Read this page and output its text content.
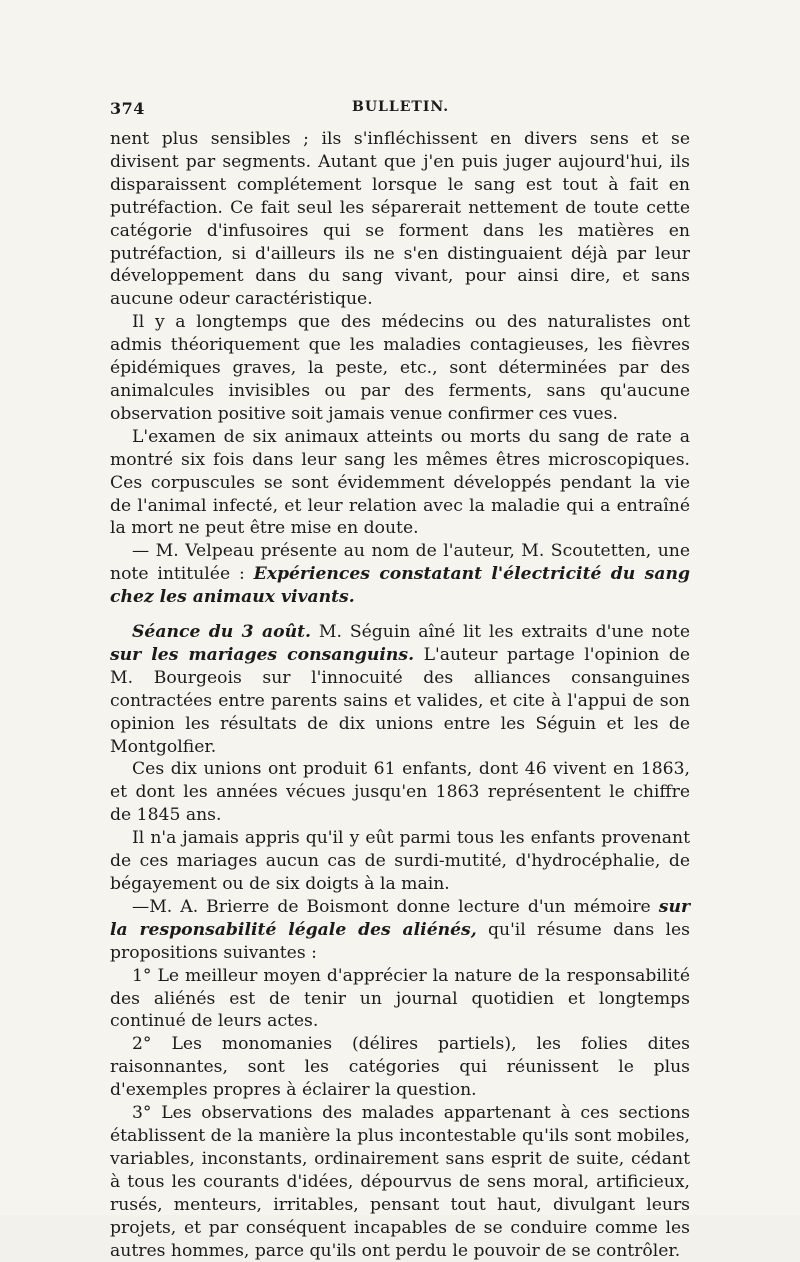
374	BULLETIN.

nent plus sensibles ; ils s'infléchissent en divers sens et se divisent par segments. Autant que j'en puis juger aujourd'hui, ils disparaissent complétement lorsque le sang est tout à fait en putréfaction. Ce fait seul les séparerait nettement de toute cette catégorie d'infusoires qui se forment dans les matières en putréfaction, si d'ailleurs ils ne s'en distinguaient déjà par leur développement dans du sang vivant, pour ainsi dire, et sans aucune odeur caractéristique.

Il y a longtemps que des médecins ou des naturalistes ont admis théoriquement que les maladies contagieuses, les fièvres épidémiques graves, la peste, etc., sont déterminées par des animalcules invisibles ou par des ferments, sans qu'aucune observation positive soit jamais venue confirmer ces vues.

L'examen de six animaux atteints ou morts du sang de rate a montré six fois dans leur sang les mêmes êtres microscopiques. Ces corpuscules se sont évidemment développés pendant la vie de l'animal infecté, et leur relation avec la maladie qui a entraîné la mort ne peut être mise en doute.

— M. Velpeau présente au nom de l'auteur, M. Scoutetten, une note intitulée : Expériences constatant l'électricité du sang chez les animaux vivants.

Séance du 3 août. M. Séguin aîné lit les extraits d'une note sur les mariages consanguins. L'auteur partage l'opinion de M. Bourgeois sur l'innocuité des alliances consanguines contractées entre parents sains et valides, et cite à l'appui de son opinion les résultats de dix unions entre les Séguin et les de Montgolfier.

Ces dix unions ont produit 61 enfants, dont 46 vivent en 1863, et dont les années vécues jusqu'en 1863 représentent le chiffre de 1845 ans.

Il n'a jamais appris qu'il y eût parmi tous les enfants provenant de ces mariages aucun cas de surdi-mutité, d'hydrocéphalie, de bégayement ou de six doigts à la main.

—M. A. Brierre de Boismont donne lecture d'un mémoire sur la responsabilité légale des aliénés, qu'il résume dans les propositions suivantes :

1° Le meilleur moyen d'apprécier la nature de la responsabilité des aliénés est de tenir un journal quotidien et longtemps continué de leurs actes.

2° Les monomanies (délires partiels), les folies dites raisonnantes, sont les catégories qui réunissent le plus d'exemples propres à éclairer la question.

3° Les observations des malades appartenant à ces sections établissent de la manière la plus incontestable qu'ils sont mobiles, variables, inconstants, ordinairement sans esprit de suite, cédant à tous les courants d'idées, dépourvus de sens moral, artificieux, rusés, menteurs, irritables, pensant tout haut, divulgant leurs projets, et par conséquent incapables de se conduire comme les autres hommes, parce qu'ils ont perdu le pouvoir de se contrôler.
